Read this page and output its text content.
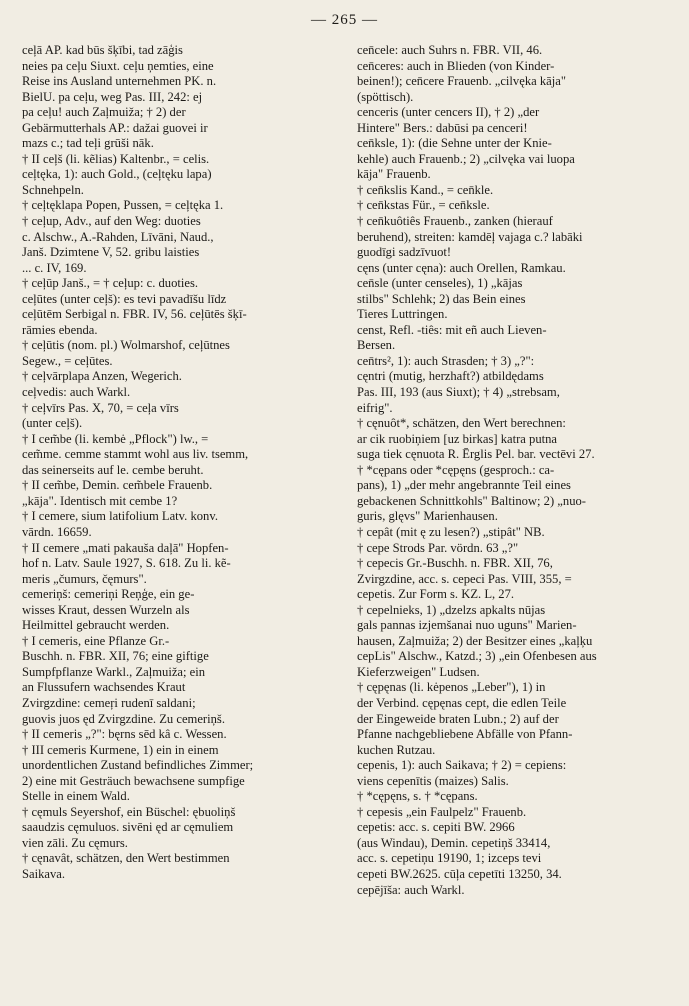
— 265 —
ceļā AP. kad būs šķībi, tad zāģis
neies pa ceļu Siuxt. ceļu ņemties, eine
Reise ins Ausland unternehmen PK. n.
BielU. pa ceļu, weg Pas. III, 242: ej
pa ceļu! auch Zaļmuiža; † 2) der
Gebärmutterhals AP.: dažai guovei ir
mazs c.; tad teļi grūši nāk.
† II ceļš (li. kẽlias) Kaltenbr., = celis.
ceļtęka, 1): auch Gold., (ceļtęku lapa)
Schnehpeln.
† ceļtęklapa Popen, Pussen, = ceļtęka 1.
† ceļup, Adv., auf den Weg: duoties
c. Alschw., A.-Rahden, Līvāni, Naud.,
Janš. Dzimtene V, 52. gribu laisties
... c. IV, 169.
† ceļūp Janš., = † ceļup: c. duoties.
ceļūtes (unter ceļš): es tevi pavadīšu līdz
ceļūtēm Serbigal n. FBR. IV, 56. ceļūtēs šķī-
rāmies ebenda.
† ceļūtis (nom. pl.) Wolmarshof, ceļūtnes
Segew., = ceļūtes.
† ceļvārplapa Anzen, Wegerich.
ceļvedis: auch Warkl.
† ceļvīrs Pas. X, 70, = ceļa vīrs
(unter ceļš).
† I cem̃be (li. kembė „Pflock") lw., =
cem̃me. cemme stammt wohl aus liv. tsemm,
das seinerseits auf le. cembe beruht.
† II cem̃be, Demin. cem̃bele Frauenb.
„kāja". Identisch mit cembe 1?
† I cemere, sium latifolium Latv. konv.
vārdn. 16659.
† II cemere „mati pakauša daļā" Hopfen-
hof n. Latv. Saule 1927, S. 618. Zu li. kẽ-
meris „čumurs, čęmurs".
cemeriņš: cemeriņi Reņģe, ein ge-
wisses Kraut, dessen Wurzeln als
Heilmittel gebraucht werden.
† I cemeris, eine Pflanze Gr.-
Buschh. n. FBR. XII, 76; eine giftige
Sumpfpflanze Warkl., Zaļmuiža; ein
an Flussufern wachsendes Kraut
Zvirgzdine: cemeŗi rudenī saldani;
guovis juos ęd Zvirgzdine. Zu cemeriņš.
† II cemeris „?": bęrns sēd kâ c. Wessen.
† III cemeris Kurmene, 1) ein in einem
unordentlichen Zustand befindliches Zimmer;
2) eine mit Gesträuch bewachsene sumpfige
Stelle in einem Wald.
† cęmuls Seyershof, ein Büschel: ębuoliņš
saaudzis cęmuluos. sivēni ęd ar cęmuliem
vien zāli. Zu cęmurs.
† cęnavât, schätzen, den Wert bestimmen
Saikava.
cen̄cele: auch Suhrs n. FBR. VII, 46.
cen̄ceres: auch in Blieden (von Kinder-
beinen!); cen̄cere Frauenb. „cilvęka kāja"
(spöttisch).
cenceris (unter cencers II), † 2) „der
Hintere" Bers.: dabūsi pa cenceri!
cen̄ksle, 1): (die Sehne unter der Knie-
kehle) auch Frauenb.; 2) „cilvęka vai luopa
kāja" Frauenb.
† cen̄kslis Kand., = cen̄kle.
† cen̄kstas Für., = cen̄ksle.
† cen̄kuôtiês Frauenb., zanken (hierauf
beruhend), streiten: kamdēļ vajaga c.? labāki
guodīgi sadzīvuot!
cęns (unter cęna): auch Orellen, Ramkau.
cen̄sle (unter censeles), 1) „kājas
stilbs" Schlehk; 2) das Bein eines
Tieres Luttringen.
censt, Refl. -tiês: mit eñ auch Lieven-
Bersen.
cen̄trs², 1): auch Strasden; † 3) „?":
cęntri (mutig, herzhaft?) atbildędams
Pas. III, 193 (aus Siuxt); † 4) „strebsam,
eifrig".
† cęnuôt*, schätzen, den Wert berechnen:
ar cik ruobiņiem [uz birkas] katra putna
suga tiek cęnuota R. Ērglis Pel. bar. vectēvi 27.
† *cępans oder *cępęns (gesproch.: ca-
pans), 1) „der mehr angebrannte Teil eines
gebackenen Schnittkohls" Baltinow; 2) „nuo-
guris, glęvs" Marienhausen.
† cepât (mit ę zu lesen?) „stipât" NB.
† cepe Strods Par. vördn. 63 „?"
† cepecis Gr.-Buschh. n. FBR. XII, 76,
Zvirgzdine, acc. s. cepeci Pas. VIII, 355, =
cepetis. Zur Form s. KZ. L, 27.
† cepelnieks, 1) „dzelzs apkalts nūjas
gals pannas izjemšanai nuo uguns" Marien-
hausen, Zaļmuiža; 2) der Besitzer eines „kaļķu
cepLis" Alschw., Katzd.; 3) „ein Ofenbesen aus
Kieferzweigen" Ludsen.
† cępęnas (li. kėpenos „Leber"), 1) in
der Verbind. cępęnas cept, die edlen Teile
der Eingeweide braten Lubn.; 2) auf der
Pfanne nachgebliebene Abfälle von Pfann-
kuchen Rutzau.
cepenis, 1): auch Saikava; † 2) = cepiens:
viens cepenītis (maizes) Salis.
† *cępęns, s. † *cępans.
† cepesis „ein Faulpelz" Frauenb.
cepetis: acc. s. cepiti BW. 2966
(aus Windau), Demin. cepetiņš 33414,
acc. s. cepetiņu 19190, 1; izceps tevi
cepeti BW.2625. cūļa cepetīti 13250, 34.
cepējīša: auch Warkl.
